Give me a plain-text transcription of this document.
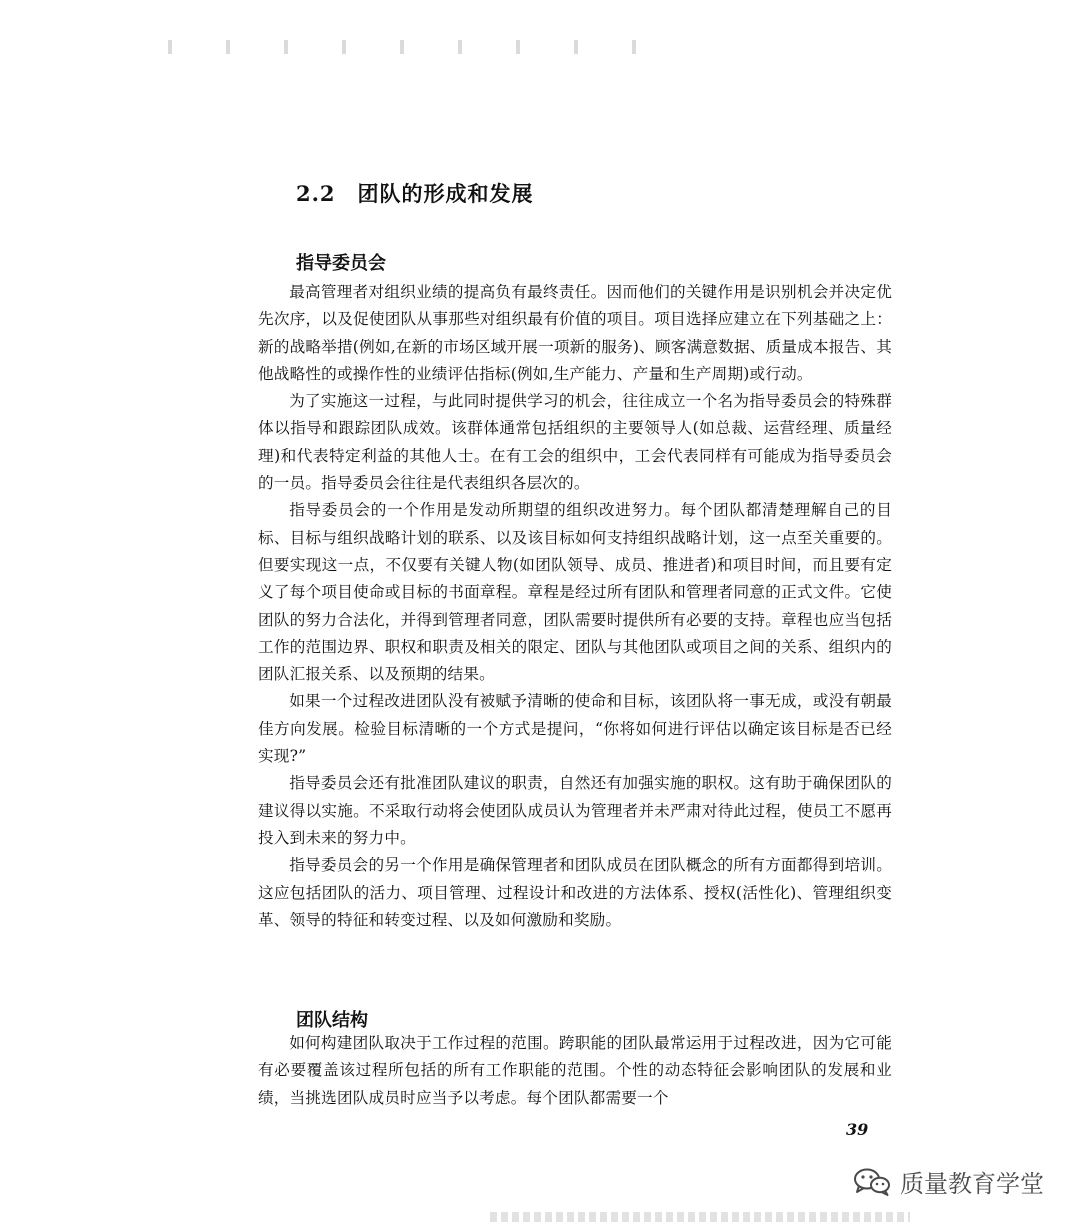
2.2　团队的形成和发展
指导委员会

最高管理者对组织业绩的提高负有最终责任。因而他们的关键作用是识别机会并决定优先次序，以及促使团队从事那些对组织最有价值的项目。项目选择应建立在下列基础之上：新的战略举措(例如,在新的市场区域开展一项新的服务)、顾客满意数据、质量成本报告、其他战略性的或操作性的业绩评估指标(例如,生产能力、产量和生产周期)或行动。

为了实施这一过程，与此同时提供学习的机会，往往成立一个名为指导委员会的特殊群体以指导和跟踪团队成效。该群体通常包括组织的主要领导人(如总裁、运营经理、质量经理)和代表特定利益的其他人士。在有工会的组织中，工会代表同样有可能成为指导委员会的一员。指导委员会往往是代表组织各层次的。

指导委员会的一个作用是发动所期望的组织改进努力。每个团队都清楚理解自己的目标、目标与组织战略计划的联系、以及该目标如何支持组织战略计划，这一点至关重要的。但要实现这一点，不仅要有关键人物(如团队领导、成员、推进者)和项目时间，而且要有定义了每个项目使命或目标的书面章程。章程是经过所有团队和管理者同意的正式文件。它使团队的努力合法化，并得到管理者同意，团队需要时提供所有必要的支持。章程也应当包括工作的范围边界、职权和职责及相关的限定、团队与其他团队或项目之间的关系、组织内的团队汇报关系、以及预期的结果。

如果一个过程改进团队没有被赋予清晰的使命和目标，该团队将一事无成，或没有朝最佳方向发展。检验目标清晰的一个方式是提问，“你将如何进行评估以确定该目标是否已经实现?”

指导委员会还有批准团队建议的职责，自然还有加强实施的职权。这有助于确保团队的建议得以实施。不采取行动将会使团队成员认为管理者并未严肃对待此过程，使员工不愿再投入到未来的努力中。

指导委员会的另一个作用是确保管理者和团队成员在团队概念的所有方面都得到培训。这应包括团队的活力、项目管理、过程设计和改进的方法体系、授权(活性化)、管理组织变革、领导的特征和转变过程、以及如何激励和奖励。

团队结构

如何构建团队取决于工作过程的范围。跨职能的团队最常运用于过程改进，因为它可能有必要覆盖该过程所包括的所有工作职能的范围。个性的动态特征会影响团队的发展和业绩，当挑选团队成员时应当予以考虑。每个团队都需要一个

39
质量教育学堂
